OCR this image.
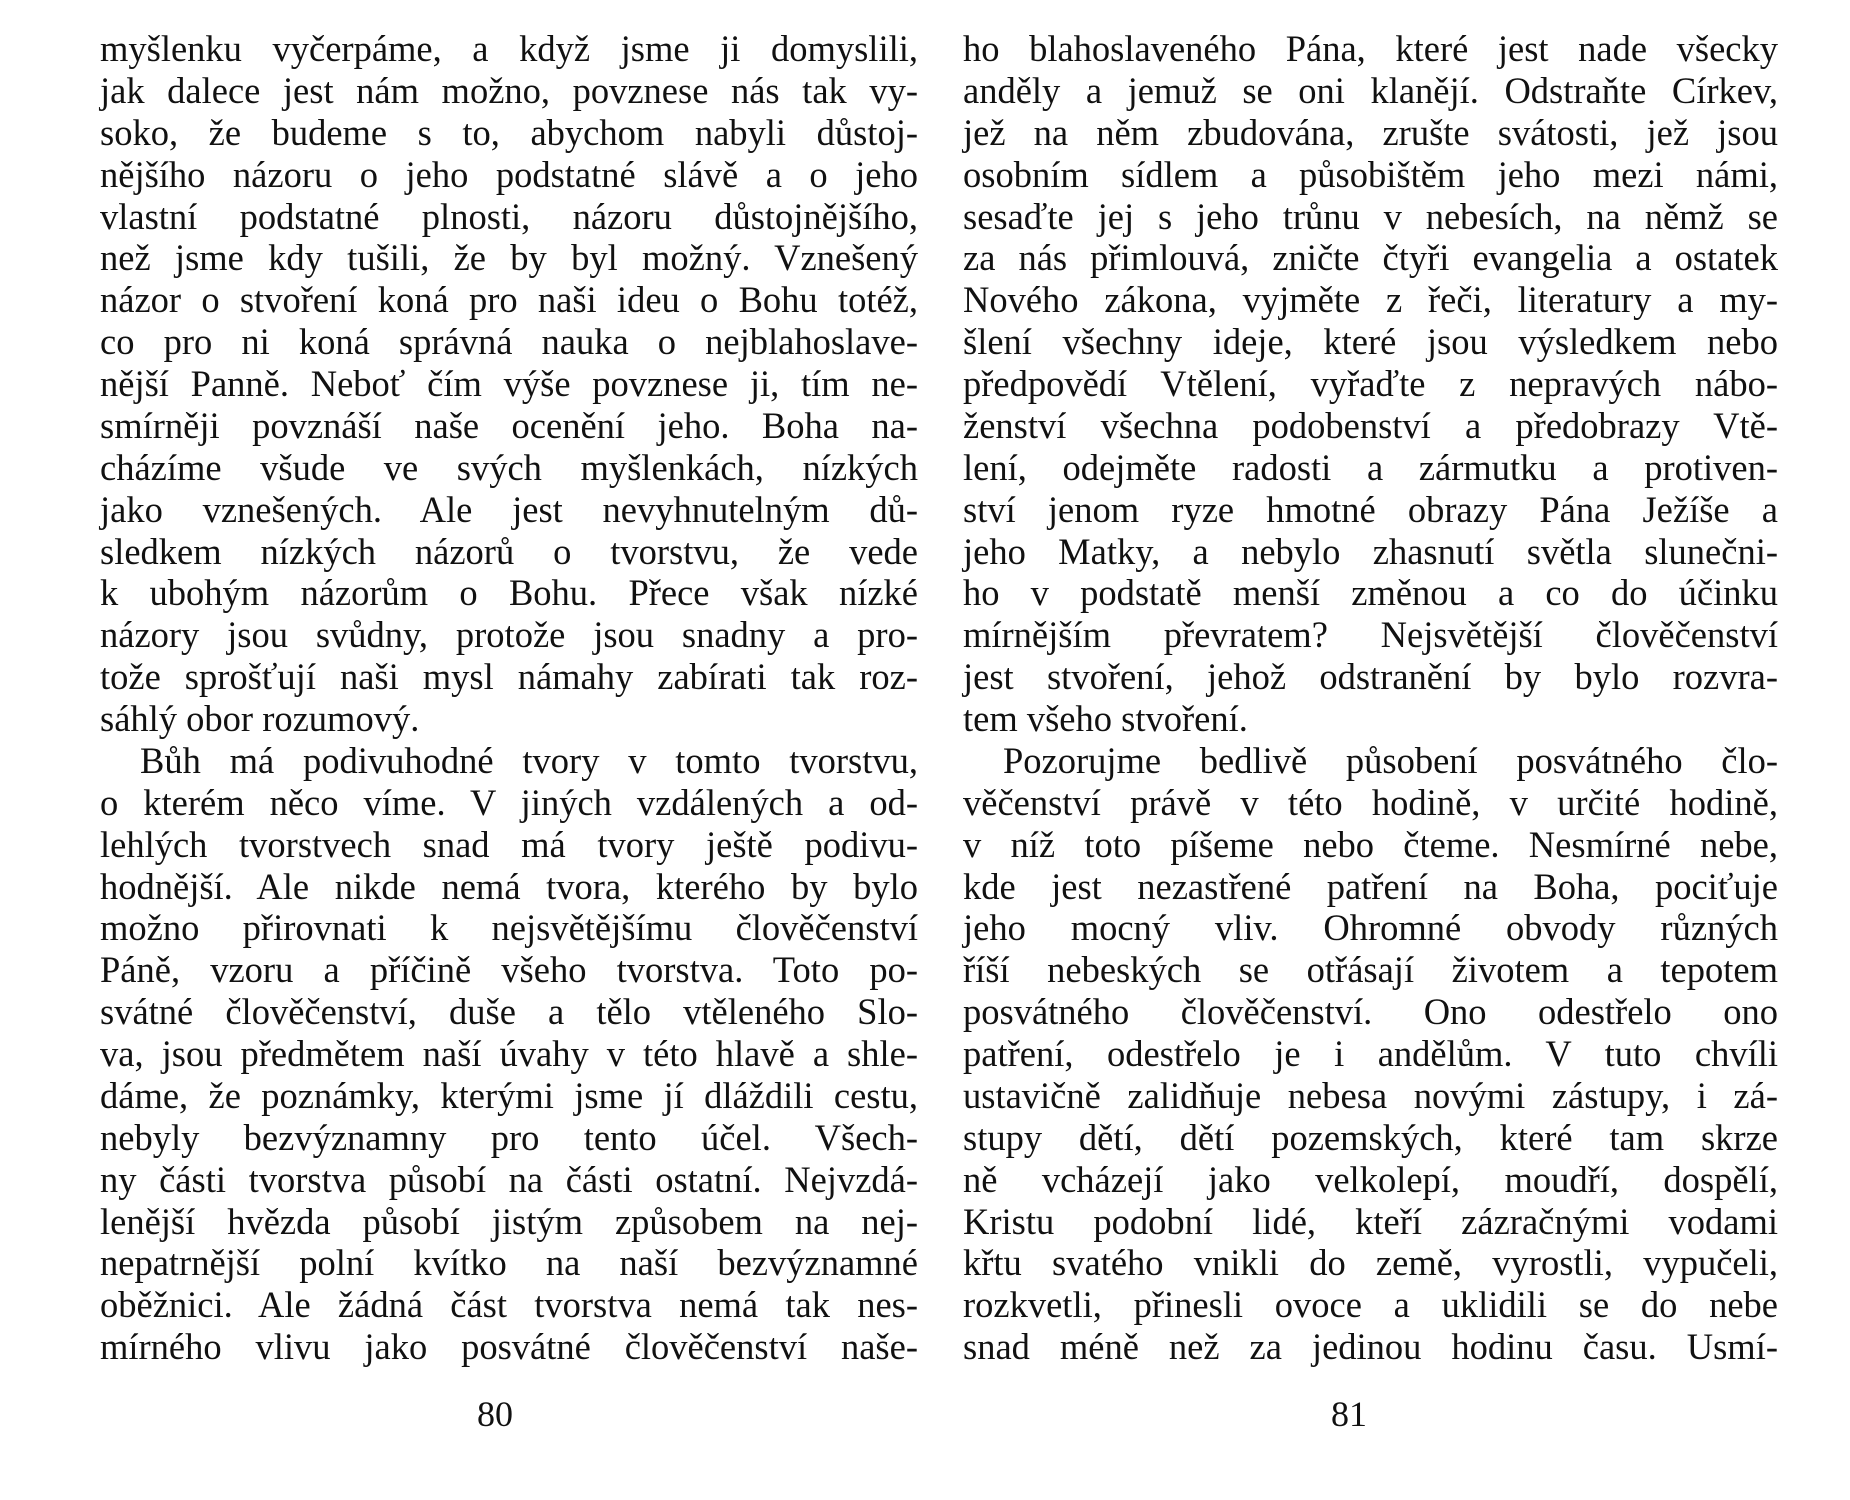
myšlenku vyčerpáme, a když jsme ji domyslili,
jak dalece jest nám možno, povznese nás tak vy-
soko, že budeme s to, abychom nabyli důstoj-
nějšího názoru o jeho podstatné slávě a o jeho
vlastní podstatné plnosti, názoru důstojnějšího,
než jsme kdy tušili, že by byl možný. Vznešený
názor o stvoření koná pro naši ideu o Bohu totéž,
co pro ni koná správná nauka o nejblahoslave-
nější Panně. Neboť čím výše povznese ji, tím ne-
smírněji povznáší naše ocenění jeho. Boha na-
cházíme všude ve svých myšlenkách, nízkých
jako vznešených. Ale jest nevyhnutelným dů-
sledkem nízkých názorů o tvorstvu, že vede
k ubohým názorům o Bohu. Přece však nízké
názory jsou svůdny, protože jsou snadny a pro-
tože sprošťují naši mysl námahy zabírati tak roz-
sáhlý obor rozumový.
Bůh má podivuhodné tvory v tomto tvorstvu,
o kterém něco víme. V jiných vzdálených a od-
lehlých tvorstvech snad má tvory ještě podivu-
hodnější. Ale nikde nemá tvora, kterého by bylo
možno přirovnati k nejsvětějšímu člověčenství
Páně, vzoru a příčině všeho tvorstva. Toto po-
svátné člověčenství, duše a tělo vtěleného Slo-
va, jsou předmětem naší úvahy v této hlavě a shle-
dáme, že poznámky, kterými jsme jí dláždili cestu,
nebyly bezvýznamny pro tento účel. Všech-
ny části tvorstva působí na části ostatní. Nejvzdá-
lenější hvězda působí jistým způsobem na nej-
nepatrnější polní kvítko na naší bezvýznamné
oběžnici. Ale žádná část tvorstva nemá tak nes-
mírného vlivu jako posvátné člověčenství naše-
ho blahoslaveného Pána, které jest nade všecky
anděly a jemuž se oni klanějí. Odstraňte Církev,
jež na něm zbudována, zrušte svátosti, jež jsou
osobním sídlem a působištěm jeho mezi námi,
sesaďte jej s jeho trůnu v nebesích, na němž se
za nás přimlouvá, zničte čtyři evangelia a ostatek
Nového zákona, vyjměte z řeči, literatury a my-
šlení všechny ideje, které jsou výsledkem nebo
předpovědí Vtělení, vyřaďte z nepravých nábo-
ženství všechna podobenství a předobrazy Vtě-
lení, odejměte radosti a zármutku a protiven-
ství jenom ryze hmotné obrazy Pána Ježíše a
jeho Matky, a nebylo zhasnutí světla slunečni-
ho v podstatě menší změnou a co do účinku
mírnějším převratem? Nejsvětější člověčenství
jest stvoření, jehož odstranění by bylo rozvra-
tem všeho stvoření.
Pozorujme bedlivě působení posvátného člo-
věčenství právě v této hodině, v určité hodině,
v níž toto píšeme nebo čteme. Nesmírné nebe,
kde jest nezastřené patření na Boha, pociťuje
jeho mocný vliv. Ohromné obvody různých
říší nebeských se otřásají životem a tepotem
posvátného člověčenství. Ono odestřelo ono
patření, odestřelo je i andělům. V tuto chvíli
ustavičně zalidňuje nebesa novými zástupy, i zá-
stupy dětí, dětí pozemských, které tam skrze
ně vcházejí jako velkolepí, moudří, dospělí,
Kristu podobní lidé, kteří zázračnými vodami
křtu svatého vnikli do země, vyrostli, vypučeli,
rozkvetli, přinesli ovoce a uklidili se do nebe
snad méně než za jedinou hodinu času. Usmí-
80	81
